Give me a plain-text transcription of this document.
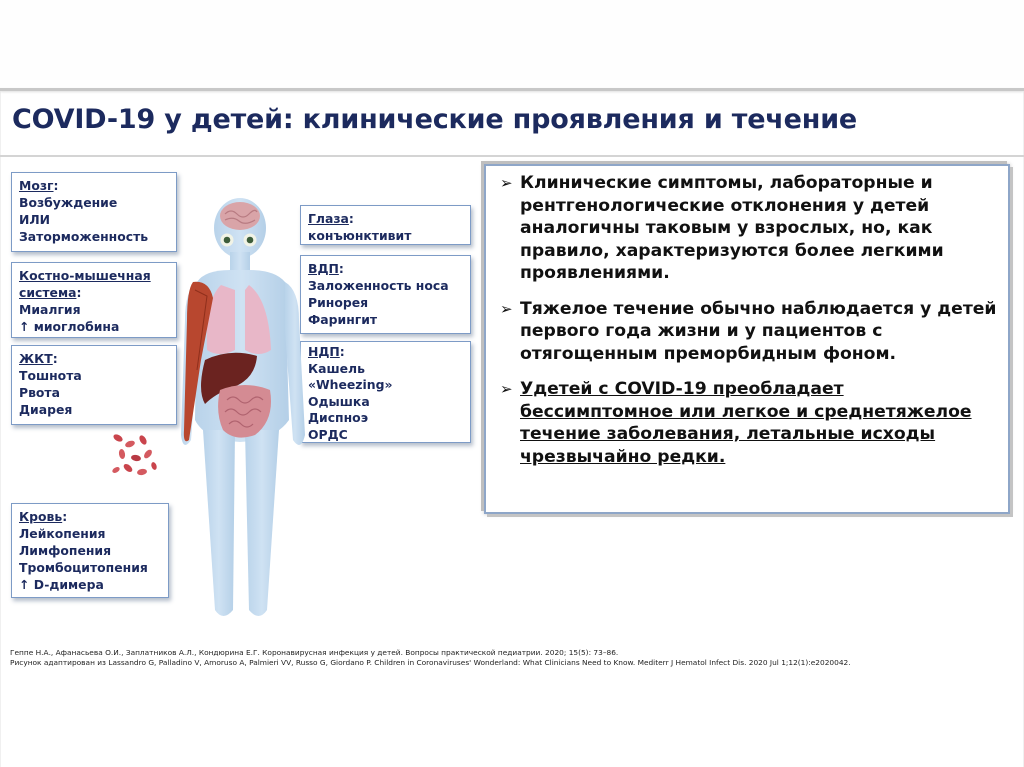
COVID-19 у детей: клинические проявления и течение
Мозг:
Возбуждение
ИЛИ
Заторможенность
Костно-мышечная
система:
Миалгия
↑ миоглобина
ЖКТ:
Тошнота
Рвота
Диарея
Кровь:
Лейкопения
Лимфопения
Тромбоцитопения
↑ D-димера
Глаза:
конъюнктивит
ВДП:
Заложенность носа
Ринорея
Фарингит
НДП:
Кашель
«Wheezing»
Одышка
Диспноэ
ОРДС
➢ Клинические симптомы, лабораторные и рентгенологические отклонения у детей аналогичны таковым у взрослых, но, как правило, характеризуются более легкими проявлениями.
➢ Тяжелое течение обычно наблюдается у детей первого года жизни и у пациентов с отягощенным преморбидным фоном.
➢ Удетей с COVID-19 преобладает бессимптомное или легкое и среднетяжелое течение заболевания, летальные исходы чрезвычайно редки.
Геппе Н.А., Афанасьева О.И., Заплатников А.Л., Кондюрина Е.Г. Коронавирусная инфекция у детей. Вопросы практической педиатрии. 2020; 15(5): 73–86.
Рисунок адаптирован из Lassandro G, Palladino V, Amoruso A, Palmieri VV, Russo G, Giordano P. Children in Coronaviruses' Wonderland: What Clinicians Need to Know. Mediterr J Hematol Infect Dis. 2020 Jul 1;12(1):e2020042.
